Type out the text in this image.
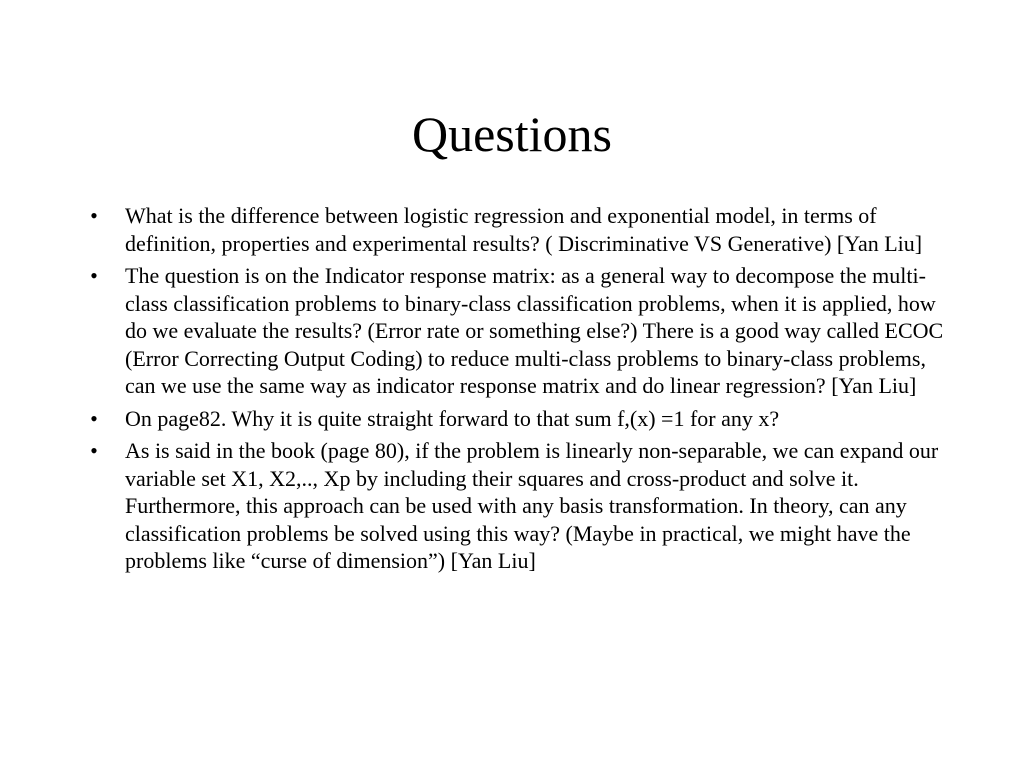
Questions
• What is the difference between logistic regression and exponential model, in terms of definition, properties and experimental results? ( Discriminative VS Generative) [Yan Liu]
• The question is on the Indicator response matrix: as a general way to decompose the multi-class classification problems to binary-class classification problems, when it is applied, how do we evaluate the results? (Error rate or something else?) There is a good way called ECOC (Error Correcting Output Coding) to reduce multi-class problems to binary-class problems, can we use the same way as indicator response matrix and do linear regression? [Yan Liu]
• On page82. Why it is quite straight forward to that sum f,(x) =1 for any x?
• As is said in the book (page 80), if the problem is linearly non-separable, we can expand our variable set X1, X2,.., Xp by including their squares and cross-product and solve it. Furthermore, this approach can be used with any basis transformation. In theory, can any classification problems be solved using this way? (Maybe in practical, we might have the problems like “curse of dimension”) [Yan Liu]
